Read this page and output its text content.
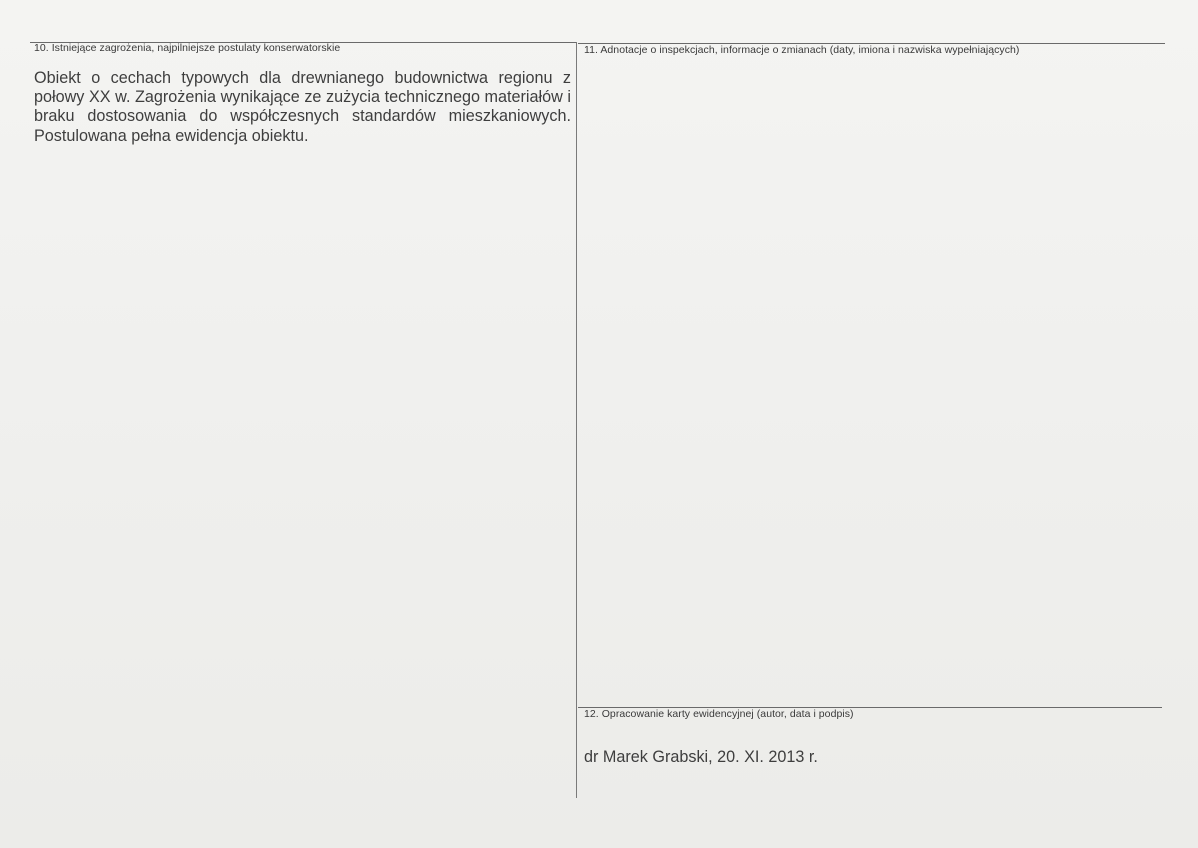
10. Istniejące zagrożenia, najpilniejsze postulaty konserwatorskie
Obiekt o cechach typowych dla drewnianego budownictwa regionu z połowy XX w. Zagrożenia wynikające ze zużycia technicznego materiałów i braku dostosowania do współczesnych standardów mieszkaniowych. Postulowana pełna ewidencja obiektu.
11. Adnotacje o inspekcjach, informacje o zmianach (daty, imiona i nazwiska wypełniających)
12. Opracowanie karty ewidencyjnej (autor, data i podpis)
dr Marek Grabski, 20. XI. 2013 r.
